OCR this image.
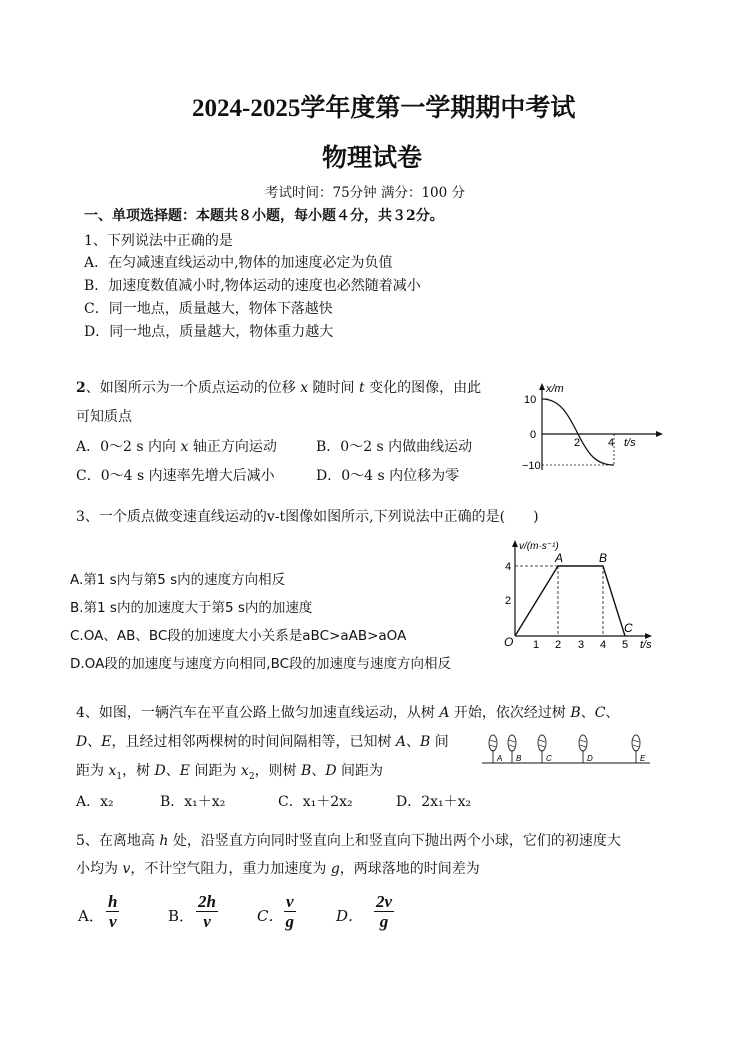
2024-2025学年度第一学期期中考试
物理试卷
考试时间：75分钟 满分：100 分
一、单项选择题：本题共８小题，每小题４分，共３2分。
1、下列说法中正确的是
A．在匀减速直线运动中,物体的加速度必定为负值
B．加速度数值减小时,物体运动的速度也必然随着减小
C．同一地点，质量越大，物体下落越快
D．同一地点，质量越大，物体重力越大
2、如图所示为一个质点运动的位移 x 随时间 t 变化的图像，由此
可知质点
A．0～2 s 内向 x 轴正方向运动	B．0～2 s 内做曲线运动
C．0～4 s 内速率先增大后减小	D．0～4 s 内位移为零
x/m
10
0
−10
2	4 t/s
3、一个质点做变速直线运动的v-t图像如图所示,下列说法中正确的是(　　)
A.第1 s内与第5 s内的速度方向相反
B.第1 s内的加速度大于第5 s内的加速度
C.OA、AB、BC段的加速度大小关系是aBC>aAB>aOA
D.OA段的加速度与速度方向相同,BC段的加速度与速度方向相反
v/(m·s⁻¹)
4
2
O 1 2 3 4 5 t/s
A	B
C
4、如图，一辆汽车在平直公路上做匀加速直线运动，从树 A 开始，依次经过树 B、C、
D、E，且经过相邻两棵树的时间间隔相等，已知树 A、B 间
距为 $x_1$，树 D、E 间距为 $x_2$，则树 B、D 间距为
A．x₂	B．x₁＋x₂	C．x₁＋2x₂	D．2x₁＋x₂
A B	C	D	E
5、在离地高 h 处，沿竖直方向同时竖直向上和竖直向下抛出两个小球，它们的初速度大
小均为 v，不计空气阻力，重力加速度为 g，两球落地的时间差为
A． $\frac{h}{v}$	B． $\frac{2h}{v}$	C． $\frac{v}{g}$	D． $\frac{2v}{g}$
